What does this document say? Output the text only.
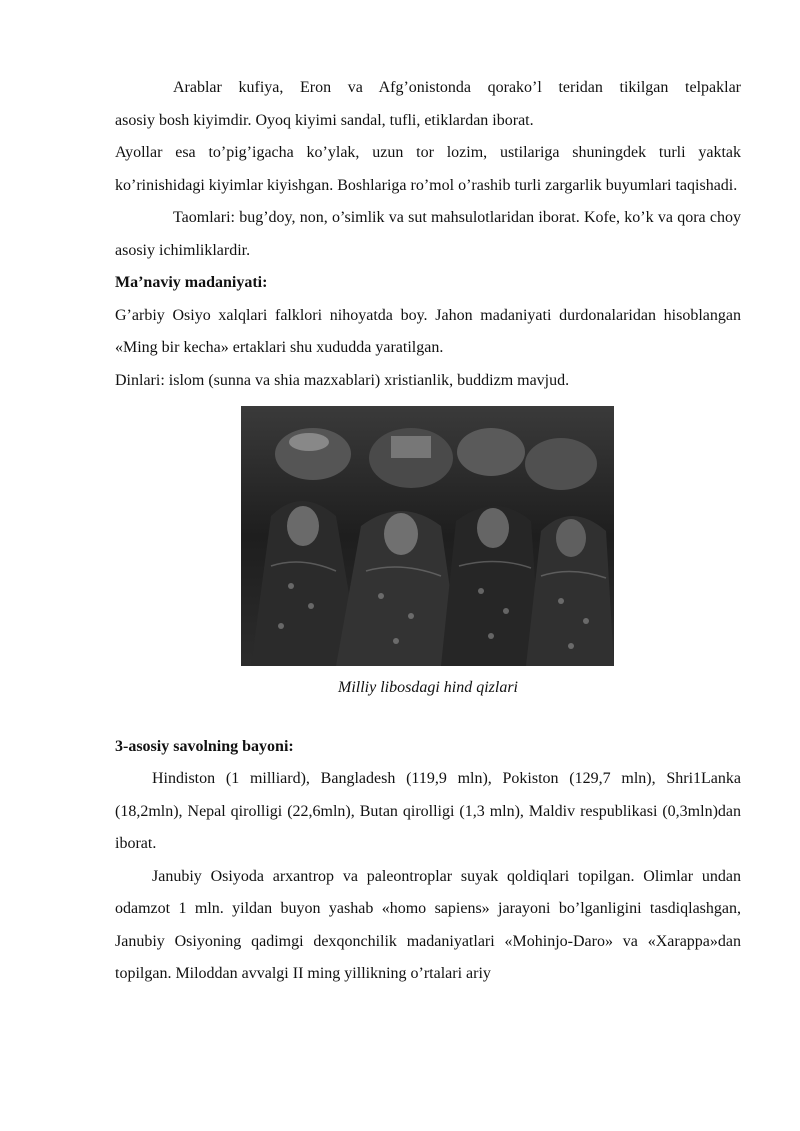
Arablar kufiya, Eron va Afg’onistonda qorako’l teridan tikilgan telpaklar

asosiy bosh kiyimdir. Oyoq kiyimi sandal, tufli, etiklardan iborat.

Ayollar esa to’pig’igacha ko’ylak, uzun tor lozim, ustilariga shuningdek turli yaktak ko’rinishidagi kiyimlar kiyishgan. Boshlariga ro’mol o’rashib turli zargarlik buyumlari taqishadi.

Taomlari: bug’doy, non, o’simlik va sut mahsulotlaridan iborat. Kofe, ko’k va qora choy asosiy ichimliklardir.

Ma’naviy madaniyati:

G’arbiy Osiyo xalqlari falklori nihoyatda boy. Jahon madaniyati durdonalaridan hisoblangan «Ming bir kecha» ertaklari shu xududda yaratilgan.

Dinlari: islom (sunna va shia mazxablari) xristianlik, buddizm mavjud.

Milliy libosdagi hind qizlari

3-asosiy savolning bayoni:

Hindiston (1 milliard), Bangladesh (119,9 mln), Pokiston (129,7 mln), Shri1Lanka (18,2mln), Nepal qirolligi (22,6mln), Butan qirolligi (1,3 mln), Maldiv respublikasi (0,3mln)dan iborat.

Janubiy Osiyoda arxantrop va paleontroplar suyak qoldiqlari topilgan. Olimlar undan odamzot 1 mln. yildan buyon yashab «homo sapiens» jarayoni bo’lganligini tasdiqlashgan, Janubiy Osiyoning qadimgi dexqonchilik madaniyatlari «Mohinjo-Daro» va «Xarappa»dan topilgan. Miloddan avvalgi II ming yillikning o’rtalari ariy
